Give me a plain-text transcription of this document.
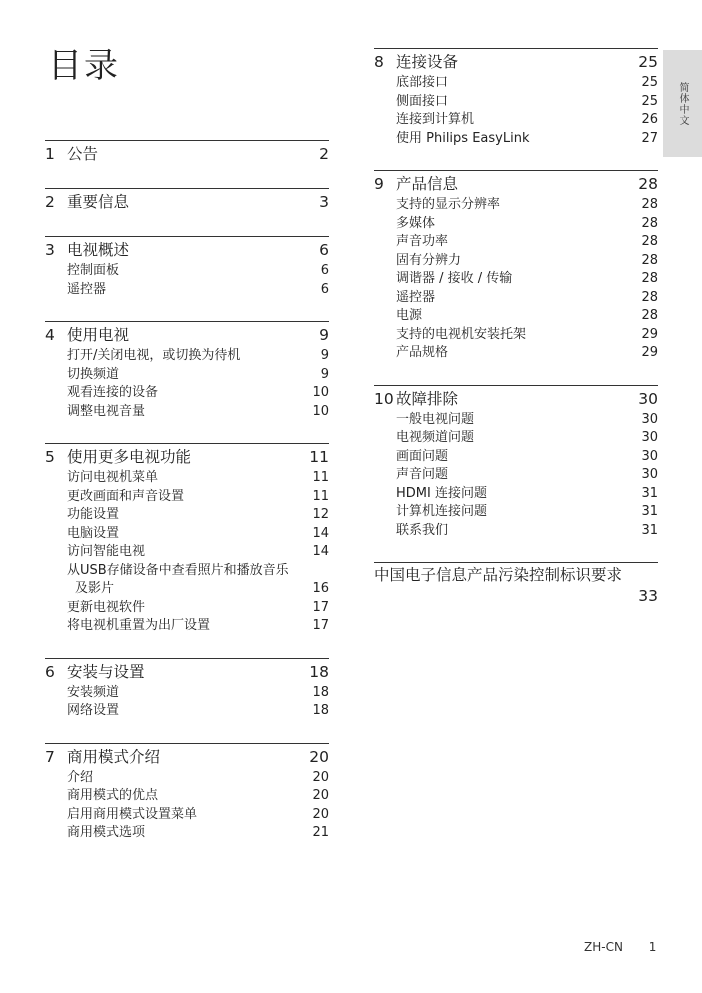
目录
1 公告	2
2 重要信息	3
3 电视概述	6
控制面板	6
遥控器	6
4 使用电视	9
打开/关闭电视，或切换为待机	9
切换频道	9
观看连接的设备	10
调整电视音量	10
5 使用更多电视功能	11
访问电视机菜单	11
更改画面和声音设置	11
功能设置	12
电脑设置	14
访问智能电视	14
从USB存储设备中查看照片和播放音乐
及影片	16
更新电视软件	17
将电视机重置为出厂设置	17
6 安装与设置	18
安装频道	18
网络设置	18
7 商用模式介绍	20
介绍	20
商用模式的优点	20
启用商用模式设置菜单	20
商用模式选项	21
8 连接设备	25
底部接口	25
侧面接口	25
连接到计算机	26
使用 Philips EasyLink	27
9 产品信息	28
支持的显示分辨率	28
多媒体	28
声音功率	28
固有分辨力	28
调谐器 / 接收 / 传输	28
遥控器	28
电源	28
支持的电视机安装托架	29
产品规格	29
10 故障排除	30
一般电视问题	30
电视频道问题	30
画面问题	30
声音问题	30
HDMI 连接问题	31
计算机连接问题	31
联系我们	31
中国电子信息产品污染控制标识要求
33
简体中文
ZH-CN 1
